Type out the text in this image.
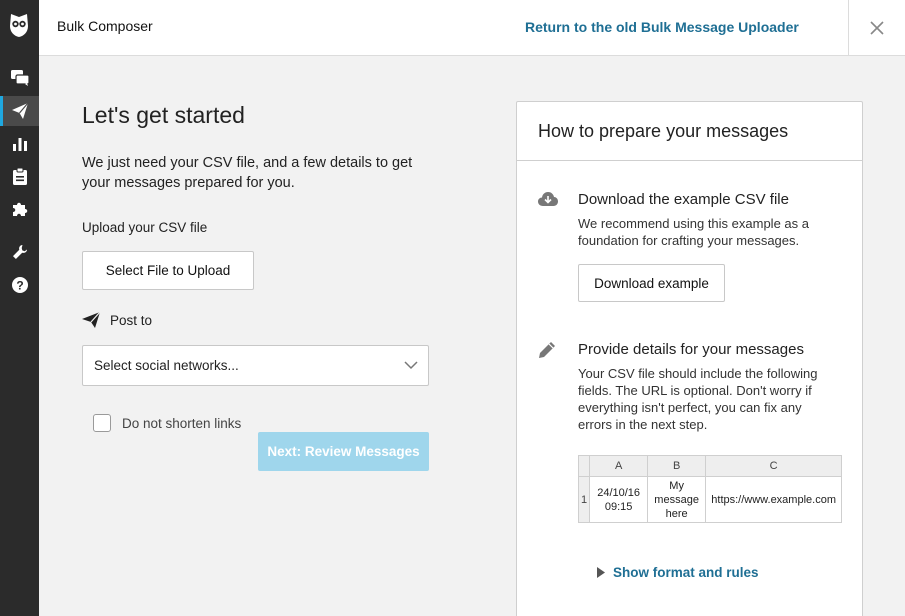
?
Bulk Composer	Return to the old Bulk Message Uploader
Let's get started
We just need your CSV file, and a few details to get your messages prepared for you.
Upload your CSV file
Select File to Upload
Post to
Select social networks...
Do not shorten links
Next: Review Messages
How to prepare your messages
Download the example CSV file
We recommend using this example as a foundation for crafting your messages.
Download example
Provide details for your messages
Your CSV file should include the following fields. The URL is optional. Don't worry if everything isn't perfect, you can fix any errors in the next step.
	A	B	C
1	24/10/16 09:15	My message here	https://www.example.com
Show format and rules
